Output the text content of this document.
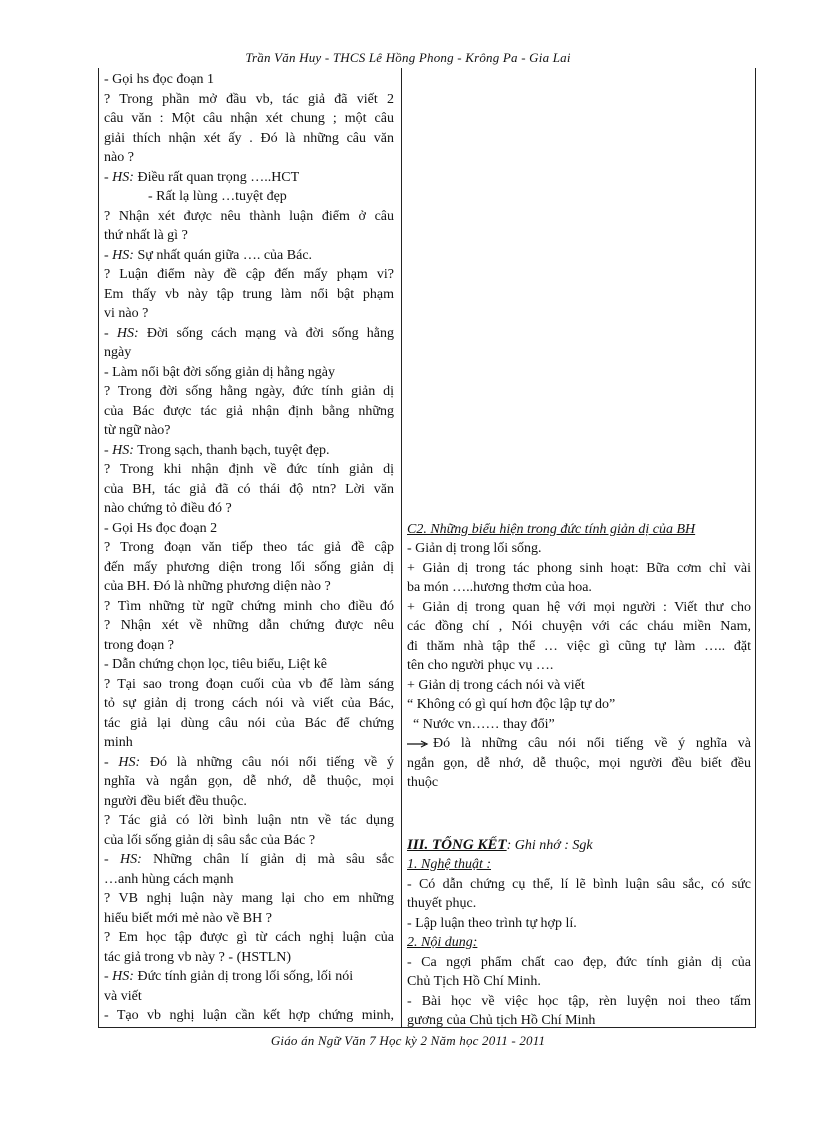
Trần Văn Huy - THCS Lê Hồng Phong - Krông Pa - Gia Lai
- Gọi hs đọc đoạn 1
? Trong phần mở đầu vb, tác giả đã viết 2
câu văn : Một câu nhận xét chung ; một câu
giải thích nhận xét ấy . Đó là những câu văn
nào ?
- HS: Điều rất quan trọng …..HCT
- Rất lạ lùng …tuyệt đẹp
? Nhận xét được nêu thành luận điểm ở câu
thứ nhất là gì ?
- HS: Sự nhất quán giữa …. của Bác.
? Luận điểm này đề cập đến mấy phạm vi?
Em thấy vb này tập trung làm nổi bật phạm
vi nào ?
- HS: Đời sống cách mạng và đời sống hằng
ngày
- Làm nổi bật đời sống giản dị hằng ngày
? Trong đời sống hằng ngày, đức tính giản dị
của Bác được tác giả nhận định bằng những
từ ngữ nào?
- HS: Trong sạch, thanh bạch, tuyệt đẹp.
? Trong khi nhận định về đức tính giản dị
của BH, tác giả đã có thái độ ntn? Lời văn
nào chứng tỏ điều đó ?
- Gọi Hs đọc đoạn 2
? Trong đoạn văn tiếp theo tác giả đề cập
đến mấy phương diện trong lối sống giản dị
của BH. Đó là những phương diện nào ?
? Tìm những từ ngữ chứng minh cho điều đó
? Nhận xét về những dẫn chứng được nêu
trong đoạn ?
- Dẫn chứng chọn lọc, tiêu biểu, Liệt kê
? Tại sao trong đoạn cuối của vb để làm sáng
tỏ sự giản dị trong cách nói và viết của Bác,
tác giả lại dùng câu nói của Bác để chứng
minh
- HS: Đó là những câu nói nổi tiếng về ý
nghĩa và ngắn gọn, dễ nhớ, dễ thuộc, mọi
người đều biết đều thuộc.
? Tác giả có lời bình luận ntn về tác dụng
của lối sống giản dị sâu sắc của Bác ?
- HS: Những chân lí giản dị mà sâu sắc
…anh hùng cách mạnh
? VB nghị luận này mang lại cho em những
hiểu biết mới mẻ nào về BH ?
? Em học tập được gì từ cách nghị luận của
tác giả trong vb này ? - (HSTLN)
- HS: Đức tính giản dị trong lối sống, lối nói
và viết
- Tạo vb nghị luận cần kết hợp chứng minh,
C2. Những biểu hiện trong đức tính giản dị của BH
- Giản dị trong lối sống.
+ Giản dị trong tác phong sinh hoạt: Bữa cơm chỉ vài
ba món …..hương thơm của hoa.
+ Giản dị trong quan hệ với mọi người : Viết thư cho
các đồng chí , Nói chuyện với các cháu miền Nam,
đi thăm nhà tập thể … việc gì cũng tự làm ….. đặt
tên cho người phục vụ ….
+ Giản dị trong cách nói và viết
“ Không có gì quí hơn độc lập tự do”
“ Nước vn…… thay đổi”
Đó là những câu nói nổi tiếng về ý nghĩa và
ngắn gọn, dễ nhớ, dễ thuộc, mọi người đều biết đều
thuộc

III. TỔNG KẾT: Ghi nhớ : Sgk
1. Nghệ thuật :
- Có dẫn chứng cụ thể, lí lẽ bình luận sâu sắc, có sức
thuyết phục.
- Lập luận theo trình tự hợp lí.
2. Nội dung:
- Ca ngợi phẩm chất cao đẹp, đức tính giản dị của
Chủ Tịch Hồ Chí Minh.
- Bài học về việc học tập, rèn luyện noi theo tấm
gương của Chủ tịch Hồ Chí Minh
Giáo án Ngữ Văn 7 Học kỳ 2 Năm học 2011 - 2011
